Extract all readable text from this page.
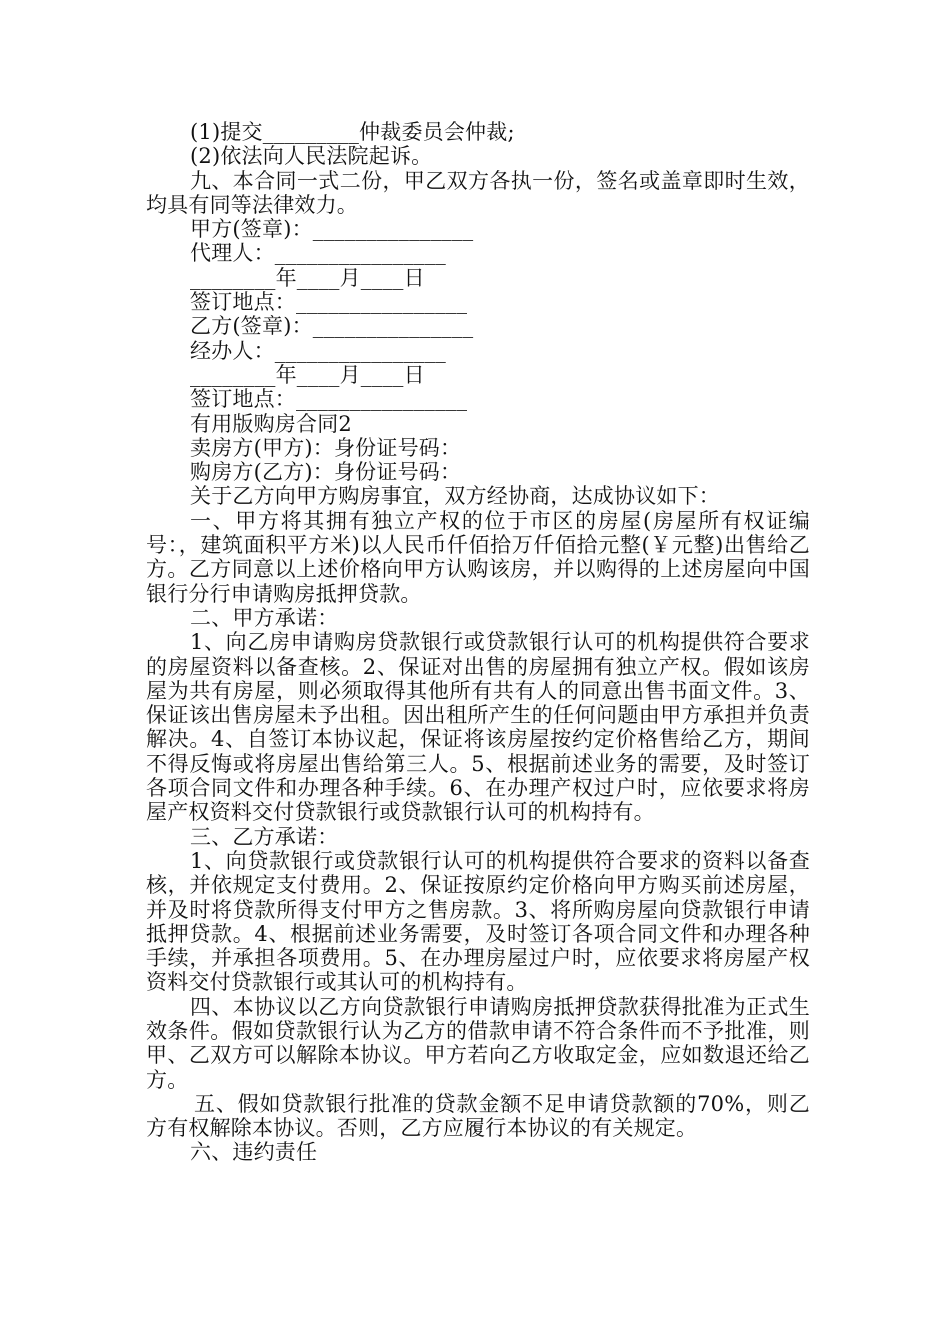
(1)提交_________仲裁委员会仲裁;
(2)依法向人民法院起诉。
九、本合同一式二份，甲乙双方各执一份，签名或盖章即时生效，均具有同等法律效力。
甲方(签章)：_______________
代理人：________________
________年____月____日
签订地点：________________
乙方(签章)：_______________
经办人：________________
________年____月____日
签订地点：________________
有用版购房合同2
卖房方(甲方)：身份证号码：
购房方(乙方)：身份证号码：
关于乙方向甲方购房事宜，双方经协商，达成协议如下：
一、甲方将其拥有独立产权的位于市区的房屋(房屋所有权证编号：，建筑面积平方米)以人民币仟佰拾万仟佰拾元整(￥元整)出售给乙方。乙方同意以上述价格向甲方认购该房，并以购得的上述房屋向中国银行分行申请购房抵押贷款。
二、甲方承诺：
1、向乙房申请购房贷款银行或贷款银行认可的机构提供符合要求的房屋资料以备查核。2、保证对出售的房屋拥有独立产权。假如该房屋为共有房屋，则必须取得其他所有共有人的同意出售书面文件。3、保证该出售房屋未予出租。因出租所产生的任何问题由甲方承担并负责解决。4、自签订本协议起，保证将该房屋按约定价格售给乙方，期间不得反悔或将房屋出售给第三人。5、根据前述业务的需要，及时签订各项合同文件和办理各种手续。6、在办理产权过户时，应依要求将房屋产权资料交付贷款银行或贷款银行认可的机构持有。
三、乙方承诺：
1、向贷款银行或贷款银行认可的机构提供符合要求的资料以备查核，并依规定支付费用。2、保证按原约定价格向甲方购买前述房屋，并及时将贷款所得支付甲方之售房款。3、将所购房屋向贷款银行申请抵押贷款。4、根据前述业务需要，及时签订各项合同文件和办理各种手续，并承担各项费用。5、在办理房屋过户时，应依要求将房屋产权资料交付贷款银行或其认可的机构持有。
四、本协议以乙方向贷款银行申请购房抵押贷款获得批准为正式生效条件。假如贷款银行认为乙方的借款申请不符合条件而不予批准，则甲、乙双方可以解除本协议。甲方若向乙方收取定金，应如数退还给乙方。
五、假如贷款银行批准的贷款金额不足申请贷款额的70%，则乙方有权解除本协议。否则，乙方应履行本协议的有关规定。
六、违约责任
